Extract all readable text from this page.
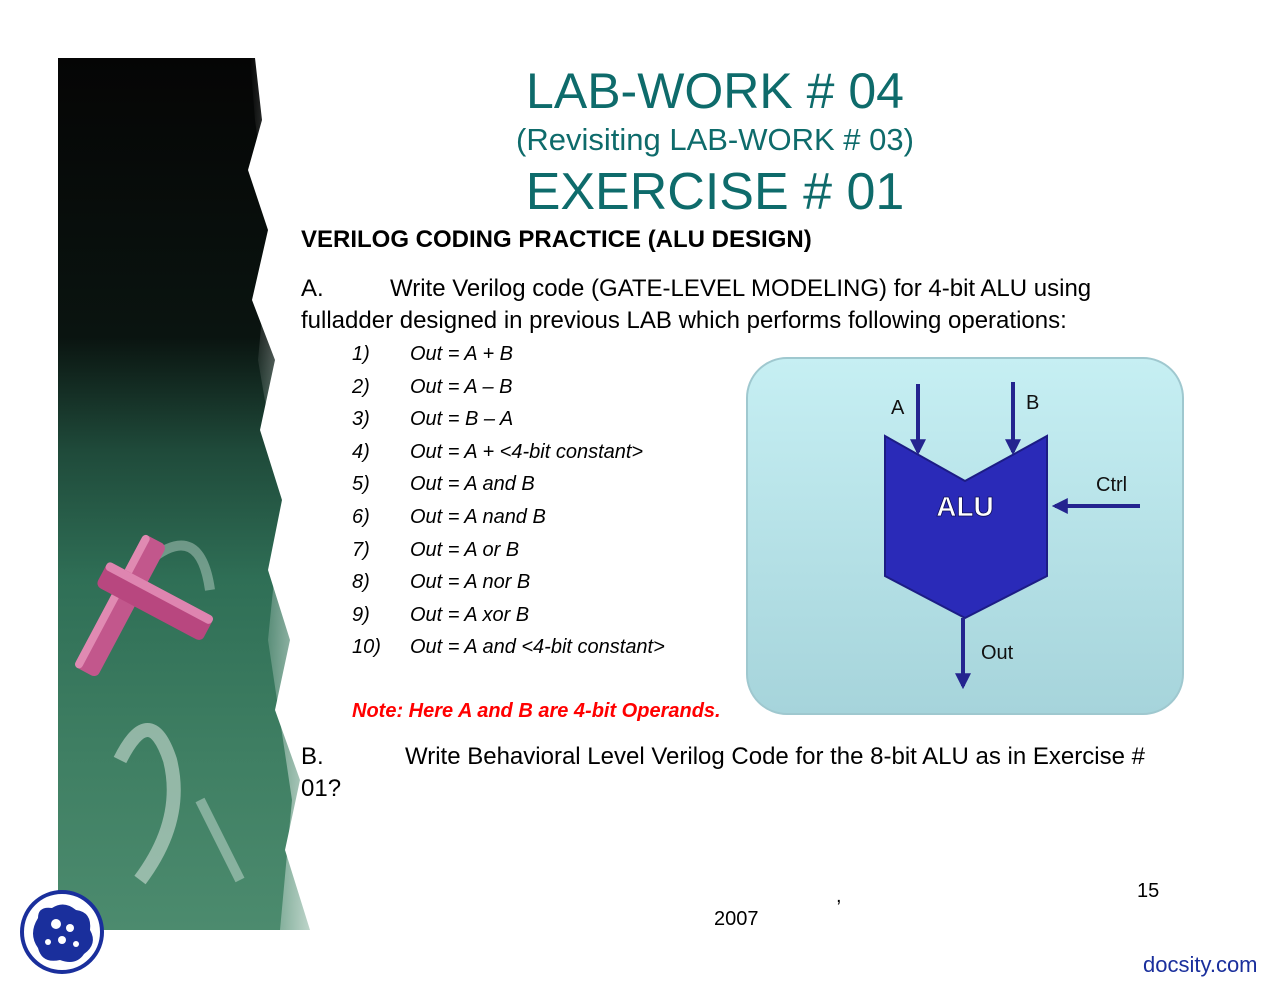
LAB-WORK # 04
(Revisiting LAB-WORK # 03)
EXERCISE # 01
VERILOG CODING PRACTICE (ALU DESIGN)
A.	Write Verilog code (GATE-LEVEL MODELING) for 4-bit ALU using
fulladder designed in previous LAB which performs following operations:
1) Out = A + B
2) Out = A – B
3) Out = B – A
4) Out = A + <4-bit constant>
5) Out = A and B
6) Out = A nand B
7) Out = A or B
8) Out = A nor B
9) Out = A xor B
10) Out = A and <4-bit constant>
Note: Here A and B are 4-bit Operands.
A	B
Ctrl
ALU
Out
B.	Write Behavioral Level Verilog Code for the 8-bit ALU as in Exercise #
01?
15
,
2007
docsity.com
